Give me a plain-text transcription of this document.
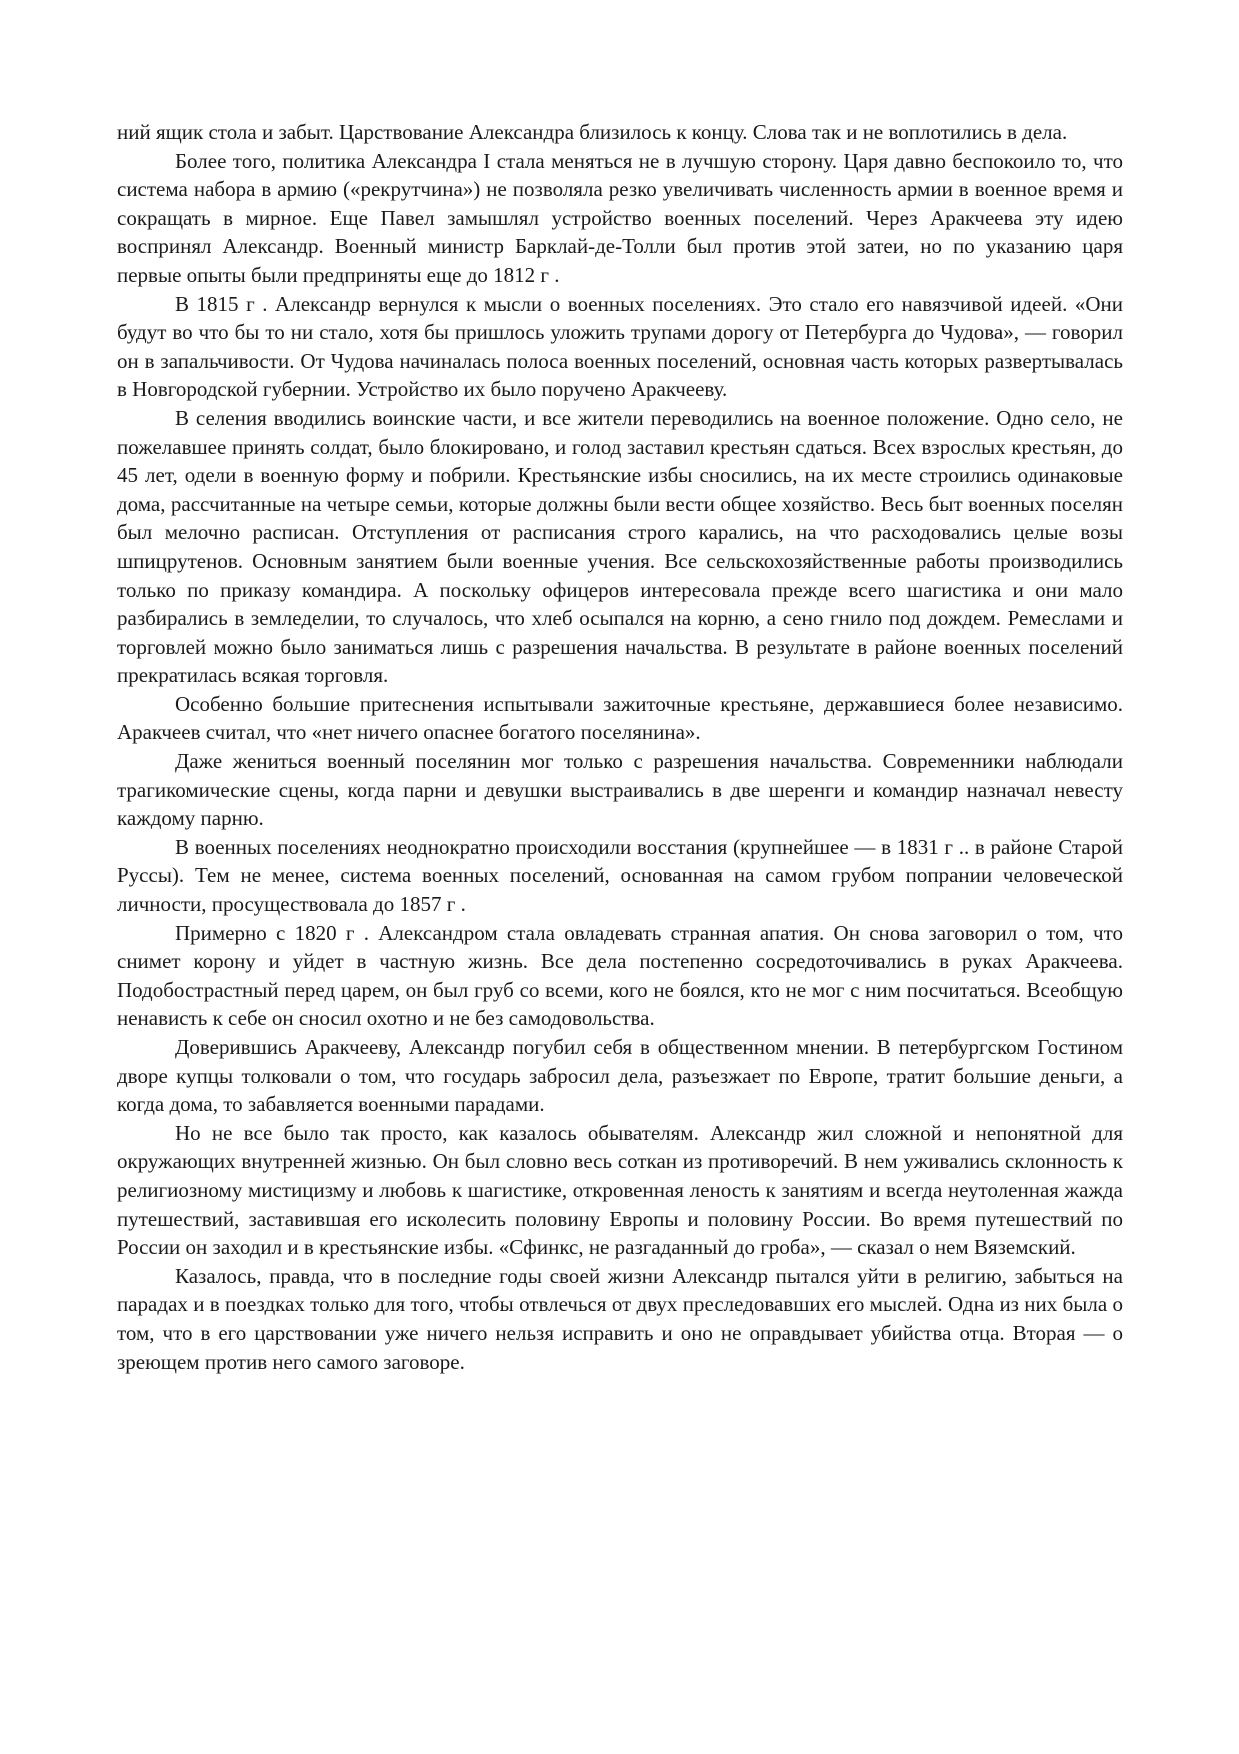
ний ящик стола и забыт. Царствование Александра близилось к концу. Слова так и не воплотились в дела.

Более того, политика Александра I стала меняться не в лучшую сторону. Царя давно беспокоило то, что система набора в армию («рекрутчина») не позволяла резко увеличивать численность армии в военное время и сокращать в мирное. Еще Павел замышлял устройство военных поселений. Через Аракчеева эту идею воспринял Александр. Военный министр Барклай-де-Толли был против этой затеи, но по указанию царя первые опыты были предприняты еще до 1812 г .

В 1815 г . Александр вернулся к мысли о военных поселениях. Это стало его навязчивой идеей. «Они будут во что бы то ни стало, хотя бы пришлось уложить трупами дорогу от Петербурга до Чудова», — говорил он в запальчивости. От Чудова начиналась полоса военных поселений, основная часть которых развертывалась в Новгородской губернии. Устройство их было поручено Аракчееву.

В селения вводились воинские части, и все жители переводились на военное положение. Одно село, не пожелавшее принять солдат, было блокировано, и голод заставил крестьян сдаться. Всех взрослых крестьян, до 45 лет, одели в военную форму и побрили. Крестьянские избы сносились, на их месте строились одинаковые дома, рассчитанные на четыре семьи, которые должны были вести общее хозяйство. Весь быт военных поселян был мелочно расписан. Отступления от расписания строго карались, на что расходовались целые возы шпицрутенов. Основным занятием были военные учения. Все сельскохозяйственные работы производились только по приказу командира. А поскольку офицеров интересовала прежде всего шагистика и они мало разбирались в земледелии, то случалось, что хлеб осыпался на корню, а сено гнило под дождем. Ремеслами и торговлей можно было заниматься лишь с разрешения начальства. В результате в районе военных поселений прекратилась всякая торговля.

Особенно большие притеснения испытывали зажиточные крестьяне, державшиеся более независимо. Аракчеев считал, что «нет ничего опаснее богатого поселянина».

Даже жениться военный поселянин мог только с разрешения начальства. Современники наблюдали трагикомические сцены, когда парни и девушки выстраивались в две шеренги и командир назначал невесту каждому парню.

В военных поселениях неоднократно происходили восстания (крупнейшее — в 1831 г .. в районе Старой Руссы). Тем не менее, система военных поселений, основанная на самом грубом попрании человеческой личности, просуществовала до 1857 г .

Примерно с 1820 г . Александром стала овладевать странная апатия. Он снова заговорил о том, что снимет корону и уйдет в частную жизнь. Все дела постепенно сосредоточивались в руках Аракчеева. Подобострастный перед царем, он был груб со всеми, кого не боялся, кто не мог с ним посчитаться. Всеобщую ненависть к себе он сносил охотно и не без самодовольства.

Доверившись Аракчееву, Александр погубил себя в общественном мнении. В петербургском Гостином дворе купцы толковали о том, что государь забросил дела, разъезжает по Европе, тратит большие деньги, а когда дома, то забавляется военными парадами.

Но не все было так просто, как казалось обывателям. Александр жил сложной и непонятной для окружающих внутренней жизнью. Он был словно весь соткан из противоречий. В нем уживались склонность к религиозному мистицизму и любовь к шагистике, откровенная леность к занятиям и всегда неутоленная жажда путешествий, заставившая его исколесить половину Европы и половину России. Во время путешествий по России он заходил и в крестьянские избы. «Сфинкс, не разгаданный до гроба», — сказал о нем Вяземский.

Казалось, правда, что в последние годы своей жизни Александр пытался уйти в религию, забыться на парадах и в поездках только для того, чтобы отвлечься от двух преследовавших его мыслей. Одна из них была о том, что в его царствовании уже ничего нельзя исправить и оно не оправдывает убийства отца. Вторая — о зреющем против него самого заговоре.
